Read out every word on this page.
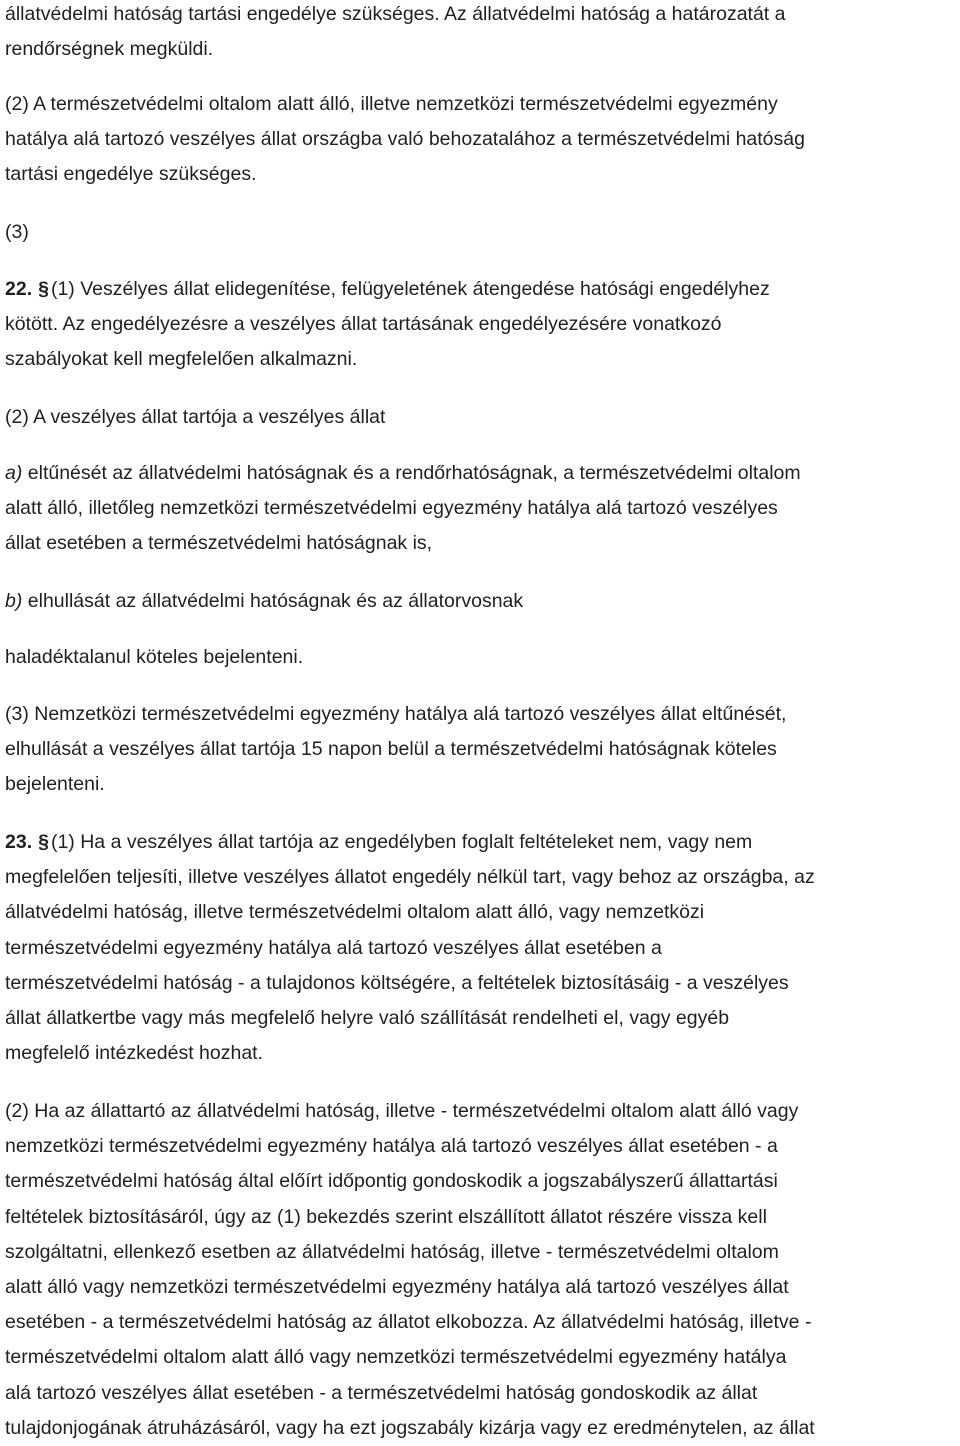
állatvédelmi hatóság tartási engedélye szükséges. Az állatvédelmi hatóság a határozatát a
rendőrségnek megküldi.

(2) A természetvédelmi oltalom alatt álló, illetve nemzetközi természetvédelmi egyezmény
hatálya alá tartozó veszélyes állat országba való behozatalához a természetvédelmi hatóság
tartási engedélye szükséges.

(3)

22. § (1) Veszélyes állat elidegenítése, felügyeletének átengedése hatósági engedélyhez
kötött. Az engedélyezésre a veszélyes állat tartásának engedélyezésére vonatkozó
szabályokat kell megfelelően alkalmazni.

(2) A veszélyes állat tartója a veszélyes állat

a) eltűnését az állatvédelmi hatóságnak és a rendőrhatóságnak, a természetvédelmi oltalom
alatt álló, illetőleg nemzetközi természetvédelmi egyezmény hatálya alá tartozó veszélyes
állat esetében a természetvédelmi hatóságnak is,

b) elhullását az állatvédelmi hatóságnak és az állatorvosnak

haladéktalanul köteles bejelenteni.

(3) Nemzetközi természetvédelmi egyezmény hatálya alá tartozó veszélyes állat eltűnését,
elhullását a veszélyes állat tartója 15 napon belül a természetvédelmi hatóságnak köteles
bejelenteni.

23. § (1) Ha a veszélyes állat tartója az engedélyben foglalt feltételeket nem, vagy nem
megfelelően teljesíti, illetve veszélyes állatot engedély nélkül tart, vagy behoz az országba, az
állatvédelmi hatóság, illetve természetvédelmi oltalom alatt álló, vagy nemzetközi
természetvédelmi egyezmény hatálya alá tartozó veszélyes állat esetében a
természetvédelmi hatóság - a tulajdonos költségére, a feltételek biztosításáig - a veszélyes
állat állatkertbe vagy más megfelelő helyre való szállítását rendelheti el, vagy egyéb
megfelelő intézkedést hozhat.

(2) Ha az állattartó az állatvédelmi hatóság, illetve - természetvédelmi oltalom alatt álló vagy
nemzetközi természetvédelmi egyezmény hatálya alá tartozó veszélyes állat esetében - a
természetvédelmi hatóság által előírt időpontig gondoskodik a jogszabályszerű állattartási
feltételek biztosításáról, úgy az (1) bekezdés szerint elszállított állatot részére vissza kell
szolgáltatni, ellenkező esetben az állatvédelmi hatóság, illetve - természetvédelmi oltalom
alatt álló vagy nemzetközi természetvédelmi egyezmény hatálya alá tartozó veszélyes állat
esetében - a természetvédelmi hatóság az állatot elkobozza. Az állatvédelmi hatóság, illetve -
természetvédelmi oltalom alatt álló vagy nemzetközi természetvédelmi egyezmény hatálya
alá tartozó veszélyes állat esetében - a természetvédelmi hatóság gondoskodik az állat
tulajdonjogának átruházásáról, vagy ha ezt jogszabály kizárja vagy ez eredménytelen, az állat
